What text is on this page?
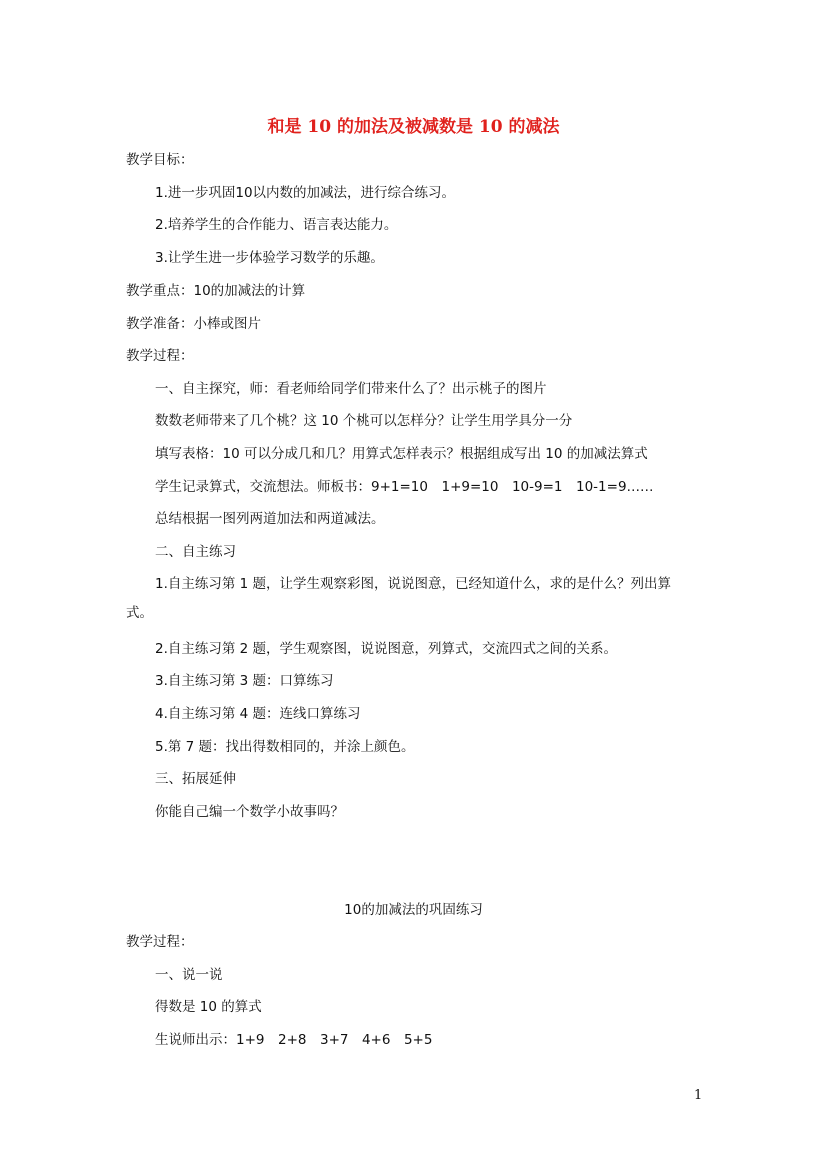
和是 10 的加法及被减数是 10 的减法
教学目标：
1.进一步巩固10以内数的加减法，进行综合练习。
2.培养学生的合作能力、语言表达能力。
3.让学生进一步体验学习数学的乐趣。
教学重点：10的加减法的计算
教学准备：小棒或图片
教学过程：
一、自主探究，师：看老师给同学们带来什么了？出示桃子的图片
数数老师带来了几个桃？这 10 个桃可以怎样分？让学生用学具分一分
填写表格：10 可以分成几和几？用算式怎样表示？根据组成写出 10 的加减法算式
学生记录算式，交流想法。师板书：9+1=10　1+9=10　10-9=1　10-1=9……
总结根据一图列两道加法和两道减法。
二、自主练习
1.自主练习第 1 题，让学生观察彩图，说说图意，已经知道什么，求的是什么？列出算
式。
2.自主练习第 2 题，学生观察图，说说图意，列算式，交流四式之间的关系。
3.自主练习第 3 题：口算练习
4.自主练习第 4 题：连线口算练习
5.第 7 题：找出得数相同的，并涂上颜色。
三、拓展延伸
你能自己编一个数学小故事吗？
10的加减法的巩固练习
教学过程：
一、说一说
得数是 10 的算式
生说师出示：1+9　2+8　3+7　4+6　5+5
1
